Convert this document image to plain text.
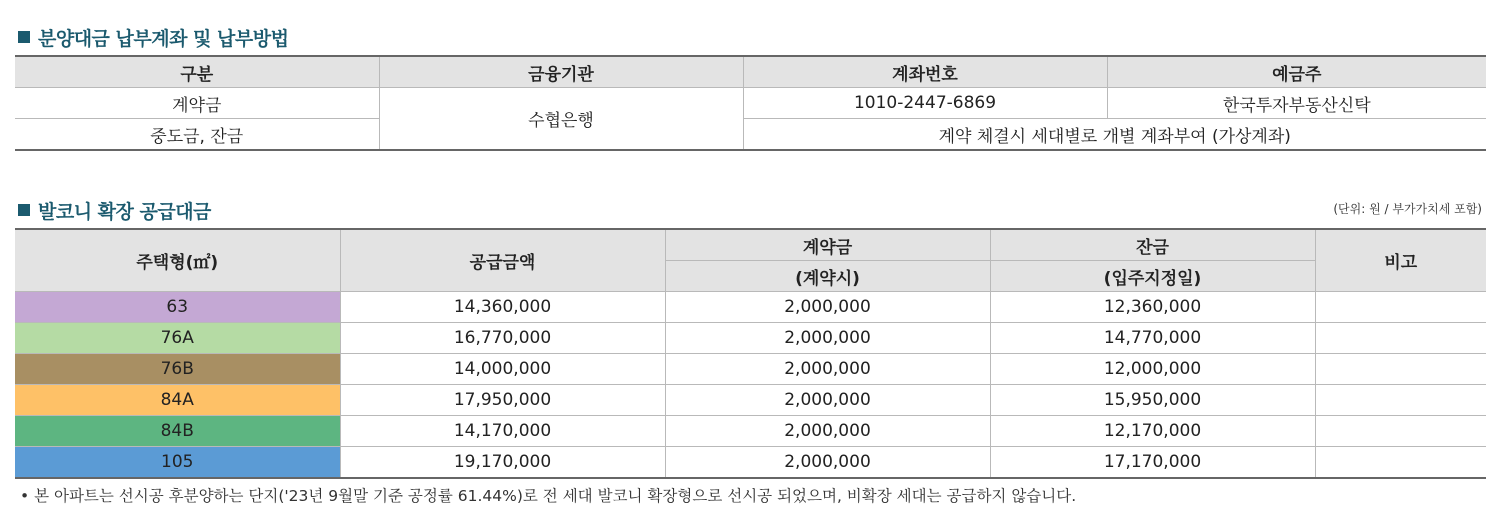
분양대금 납부계좌 및 납부방법
구분	금융기관	계좌번호	예금주
계약금	수협은행	1010-2447-6869	한국투자부동산신탁
중도금, 잔금		계약 체결시 세대별로 개별 계좌부여 (가상계좌)	
발코니 확장 공급대금	(단위: 원 / 부가가치세 포함)
주택형(㎡)	공급금액	계약금	잔금	비고
		(계약시)	(입주지정일)	
63	14,360,000	2,000,000	12,360,000	
76A	16,770,000	2,000,000	14,770,000	
76B	14,000,000	2,000,000	12,000,000	
84A	17,950,000	2,000,000	15,950,000	
84B	14,170,000	2,000,000	12,170,000	
105	19,170,000	2,000,000	17,170,000	
• 본 아파트는 선시공 후분양하는 단지('23년 9월말 기준 공정률 61.44%)로 전 세대 발코니 확장형으로 선시공 되었으며, 비확장 세대는 공급하지 않습니다.
